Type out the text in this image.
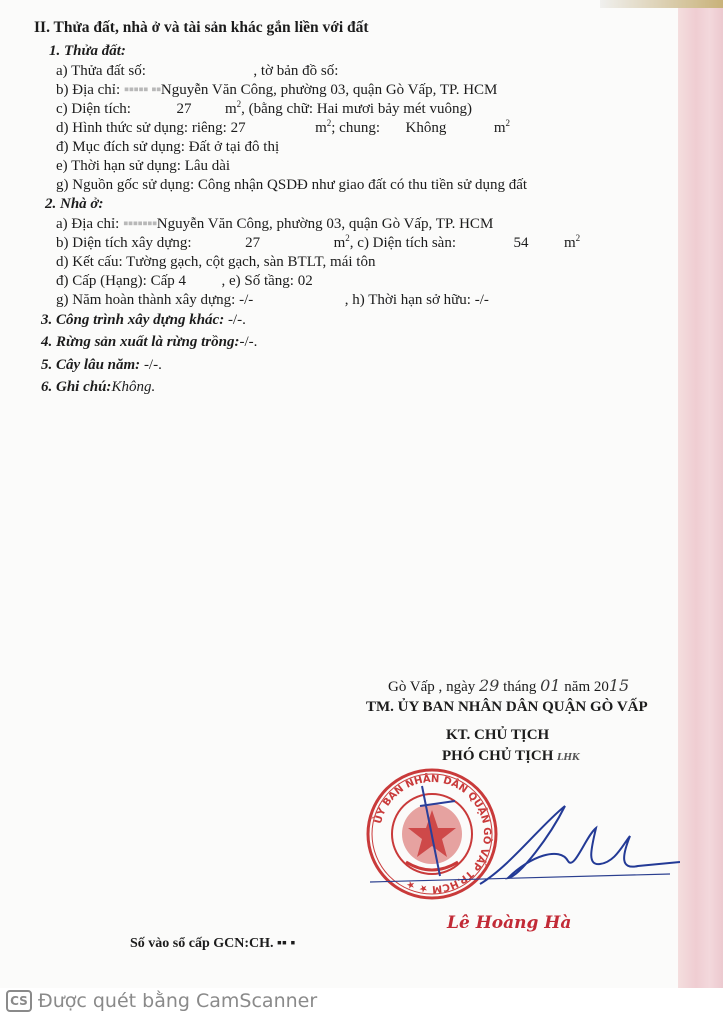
II. Thửa đất, nhà ở và tài sản khác gắn liền với đất
1. Thửa đất:
a) Thửa đất số:	, tờ bản đồ số:
b) Địa chỉ: ▪▪▪▪▪ ▪▪Nguyễn Văn Công, phường 03, quận Gò Vấp, TP. HCM
c) Diện tích:	27 $m^2$, (bằng chữ: Hai mươi bảy mét vuông)
d) Hình thức sử dụng: riêng: 27	$m^2$; chung: Không	$m^2$
đ) Mục đích sử dụng: Đất ở tại đô thị
e) Thời hạn sử dụng: Lâu dài
g) Nguồn gốc sử dụng: Công nhận QSDĐ như giao đất có thu tiền sử dụng đất
2. Nhà ở:
a) Địa chỉ: ▪▪▪▪▪▪▪Nguyễn Văn Công, phường 03, quận Gò Vấp, TP. HCM
b) Diện tích xây dựng:	27	$m^2$, c) Diện tích sàn:	54 $m^2$
d) Kết cấu: Tường gạch, cột gạch, sàn BTLT, mái tôn
đ) Cấp (Hạng): Cấp 4 , e) Số tầng: 02
g) Năm hoàn thành xây dựng: -/-	, h) Thời hạn sở hữu: -/-
3. Công trình xây dựng khác: -/-.
4. Rừng sản xuất là rừng trồng:-/-.
5. Cây lâu năm: -/-.
6. Ghi chú:Không.
Gò Vấp , ngày 29 tháng 01 năm 2015
TM. ỦY BAN NHÂN DÂN QUẬN GÒ VẤP
KT. CHỦ TỊCH
PHÓ CHỦ TỊCH LHK
ỦY BAN NHÂN DÂN QUẬN GÒ VẤP TP.HCM ★ ★
Lê Hoàng Hà
Số vào sổ cấp GCN:CH. ▪▪ ▪
CS Được quét bằng CamScanner
